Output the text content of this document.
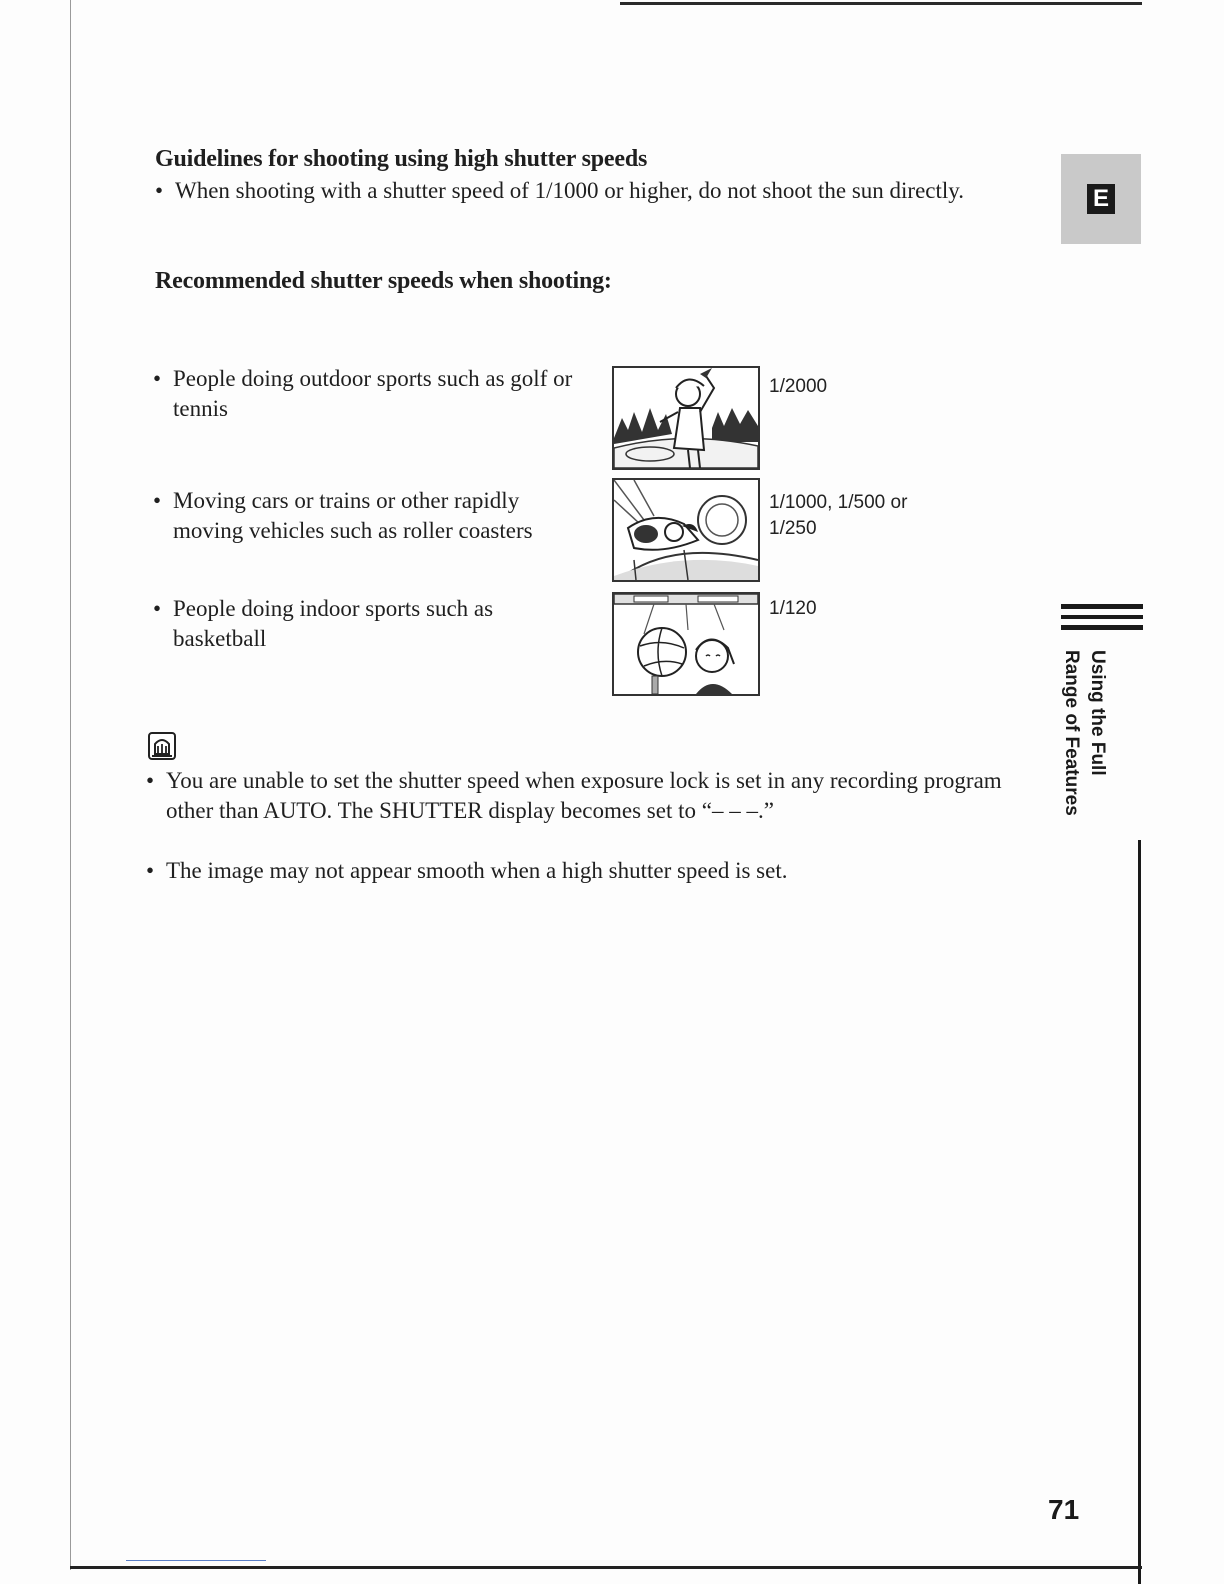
E
Using the Full
Range of Features
Guidelines for shooting using high shutter speeds
• When shooting with a shutter speed of 1/1000 or higher, do not shoot the sun directly.
Recommended shutter speeds when shooting:
• People doing outdoor sports such as golf or tennis
1/2000
• Moving cars or trains or other rapidly moving vehicles such as roller coasters
1/1000, 1/500 or 1/250
• People doing indoor sports such as basketball
1/120
• You are unable to set the shutter speed when exposure lock is set in any recording program other than AUTO. The SHUTTER display becomes set to “– – –.”
• The image may not appear smooth when a high shutter speed is set.
71
